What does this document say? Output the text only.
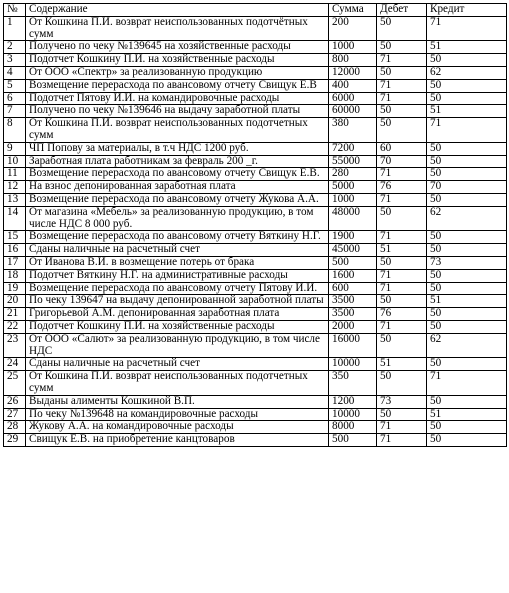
№	Содержание	Сумма	Дебет	Кредит
1	От Кошкина П.И. возврат неиспользованных подотчётных сумм	200	50	71
2	Получено по чеку №139645 на хозяйственные расходы	1000	50	51
3	Подотчет Кошкину П.И. на хозяйственные расходы	800	71	50
4	От ООО «Спектр» за реализованную продукцию	12000	50	62
5	Возмещение перерасхода по авансовому отчету Свищук Е.В	400	71	50
6	Подотчет Пятову И.И. на командировочные расходы	6000	71	50
7	Получено по чеку №139646 на выдачу заработной платы	60000	50	51
8	От Кошкина П.И. возврат неиспользованных подотчетных сумм	380	50	71
9	ЧП Попову за материалы, в т.ч НДС 1200 руб.	7200	60	50
10	Заработная плата работникам за февраль 200 _г.	55000	70	50
11	Возмещение перерасхода по авансовому отчету Свищук Е.В.	280	71	50
12	На взнос депонированная заработная плата	5000	76	70
13	Возмещение перерасхода по авансовому отчету Жукова А.А.	1000	71	50
14	От магазина «Мебель» за реализованную продукцию, в том числе НДС 8 000 руб.	48000	50	62
15	Возмещение перерасхода по авансовому отчету Вяткину Н.Г.	1900	71	50
16	Сданы наличные на расчетный счет	45000	51	50
17	От Иванова В.И. в возмещение потерь от брака	500	50	73
18	Подотчет Вяткину Н.Г. на административные расходы	1600	71	50
19	Возмещение перерасхода по авансовому отчету Пятову И.И.	600	71	50
20	По чеку 139647 на выдачу депонированной заработной платы	3500	50	51
21	Григорьевой А.М. депонированная заработная плата	3500	76	50
22	Подотчет Кошкину П.И. на хозяйственные расходы	2000	71	50
23	От ООО «Салют» за реализованную продукцию, в том числе НДС	16000	50	62
24	Сданы наличные на расчетный счет	10000	51	50
25	От Кошкина П.И. возврат неиспользованных подотчетных сумм	350	50	71
26	Выданы алименты Кошкиной В.П.	1200	73	50
27	По чеку №139648 на командировочные расходы	10000	50	51
28	Жукову А.А. на командировочные расходы	8000	71	50
29	Свищук Е.В. на приобретение канцтоваров	500	71	50
